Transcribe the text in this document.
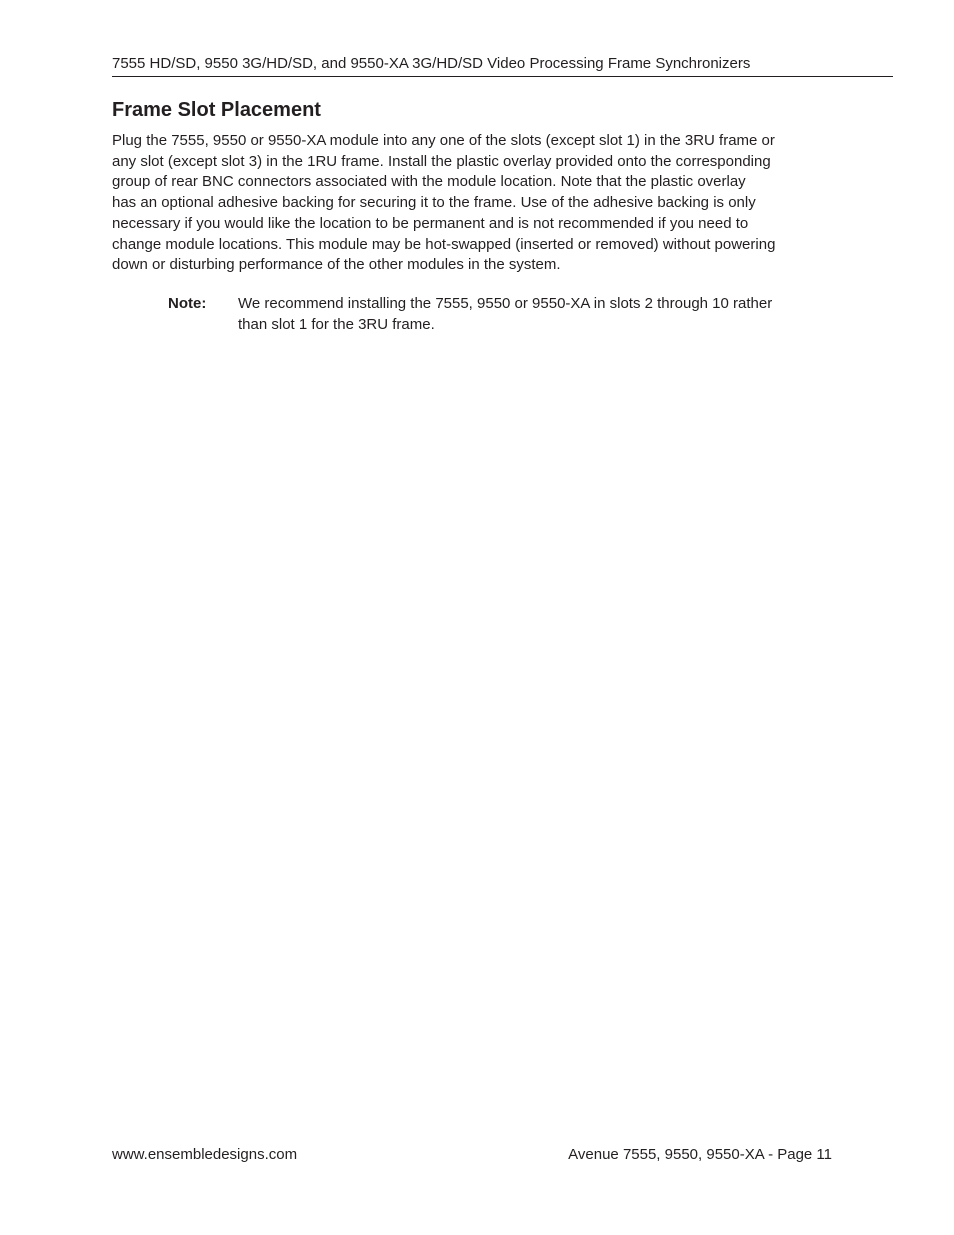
7555 HD/SD, 9550 3G/HD/SD, and 9550-XA 3G/HD/SD Video Processing Frame Synchronizers
Frame Slot Placement

Plug the 7555, 9550 or 9550-XA module into any one of the slots (except slot 1) in the 3RU frame or
any slot (except slot 3) in the 1RU frame. Install the plastic overlay provided onto the corresponding
group of rear BNC connectors associated with the module location. Note that the plastic overlay
has an optional adhesive backing for securing it to the frame. Use of the adhesive backing is only
necessary if you would like the location to be permanent and is not recommended if you need to
change module locations. This module may be hot-swapped (inserted or removed) without powering
down or disturbing performance of the other modules in the system.

Note: We recommend installing the 7555, 9550 or 9550-XA in slots 2 through 10 rather
than slot 1 for the 3RU frame.
www.ensembledesigns.com	Avenue 7555, 9550, 9550-XA - Page 11
